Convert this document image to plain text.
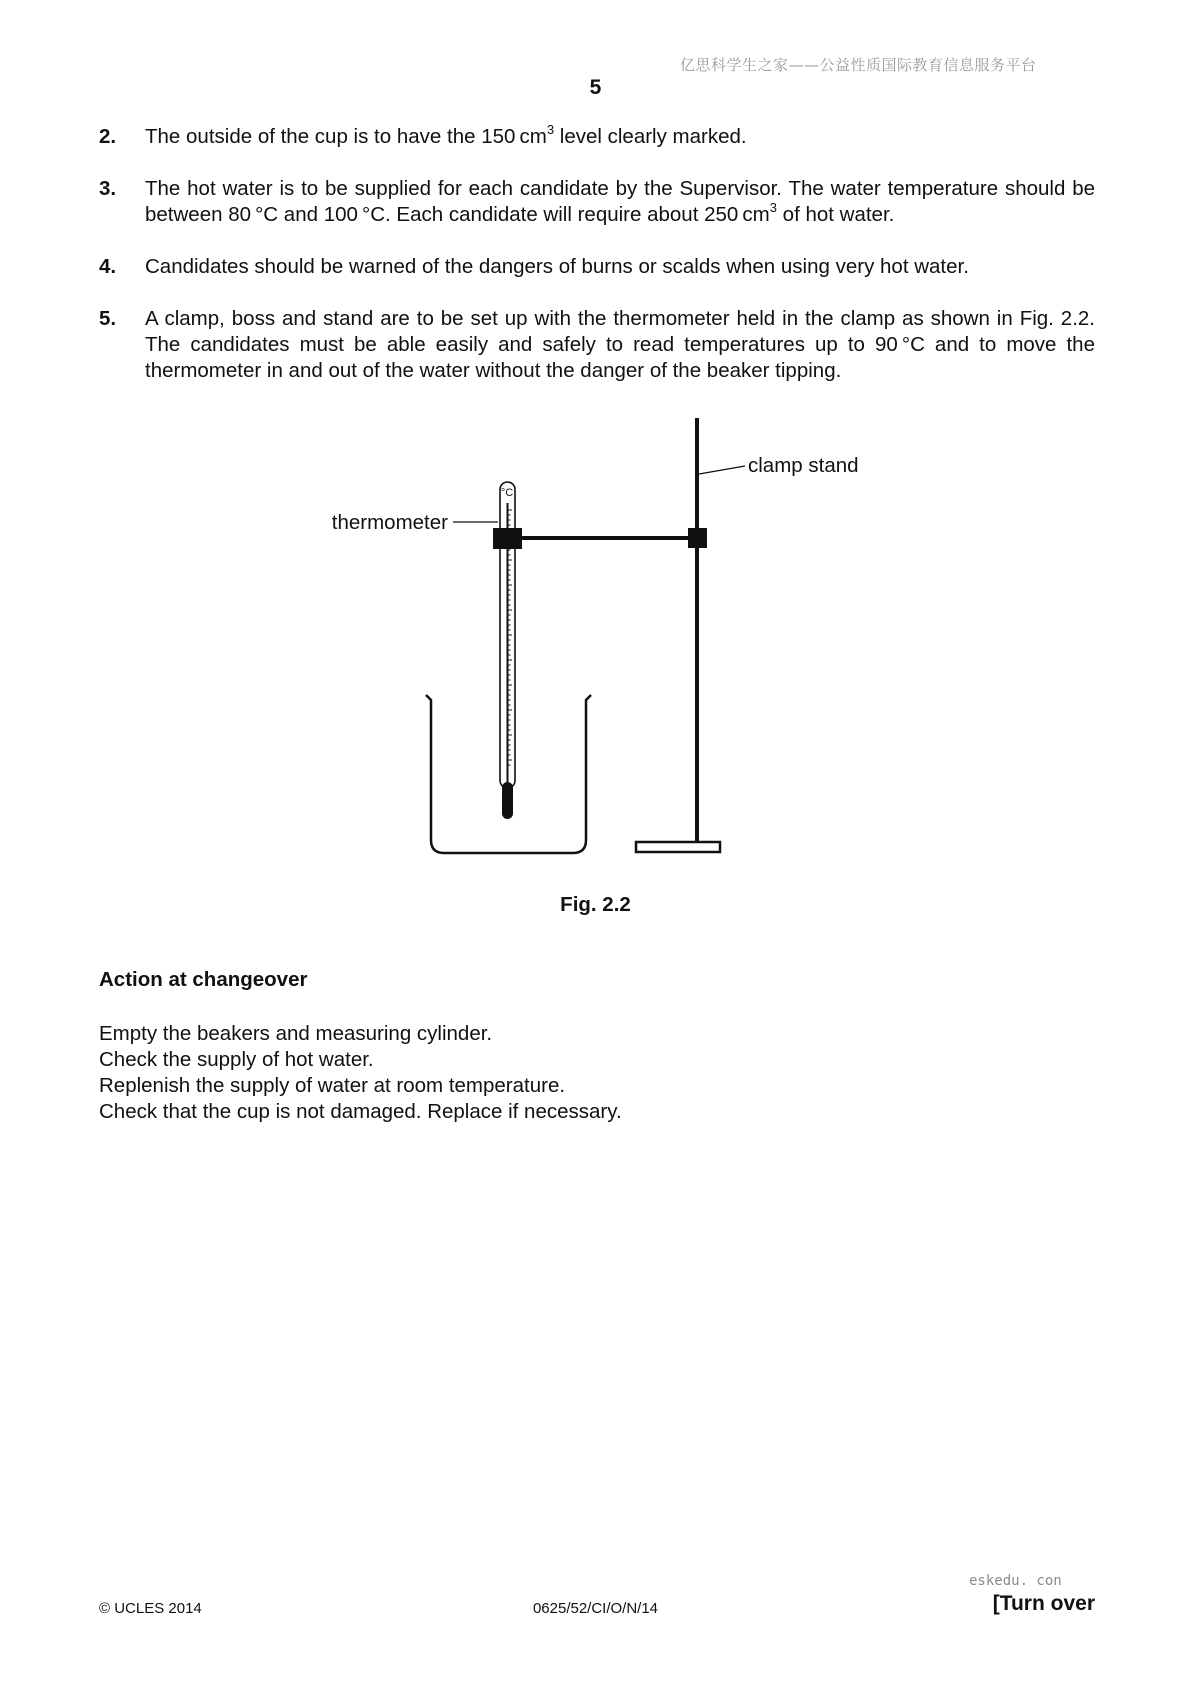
亿思科学生之家——公益性质国际教育信息服务平台
5
2. The outside of the cup is to have the 150 $cm^3$ level clearly marked.
3. The hot water is to be supplied for each candidate by the Supervisor. The water temperature should be between 80 °C and 100 °C. Each candidate will require about 250 $cm^3$ of hot water.
4. Candidates should be warned of the dangers of burns or scalds when using very hot water.
5. A clamp, boss and stand are to be set up with the thermometer held in the clamp as shown in Fig. 2.2. The candidates must be able easily and safely to read temperatures up to 90 °C and to move the thermometer in and out of the water without the danger of the beaker tipping.
°C
thermometer
clamp stand
Fig. 2.2
Action at changeover
Empty the beakers and measuring cylinder.
Check the supply of hot water.
Replenish the supply of water at room temperature.
Check that the cup is not damaged. Replace if necessary.
eskedu. con
© UCLES 2014	0625/52/CI/O/N/14	[Turn over
